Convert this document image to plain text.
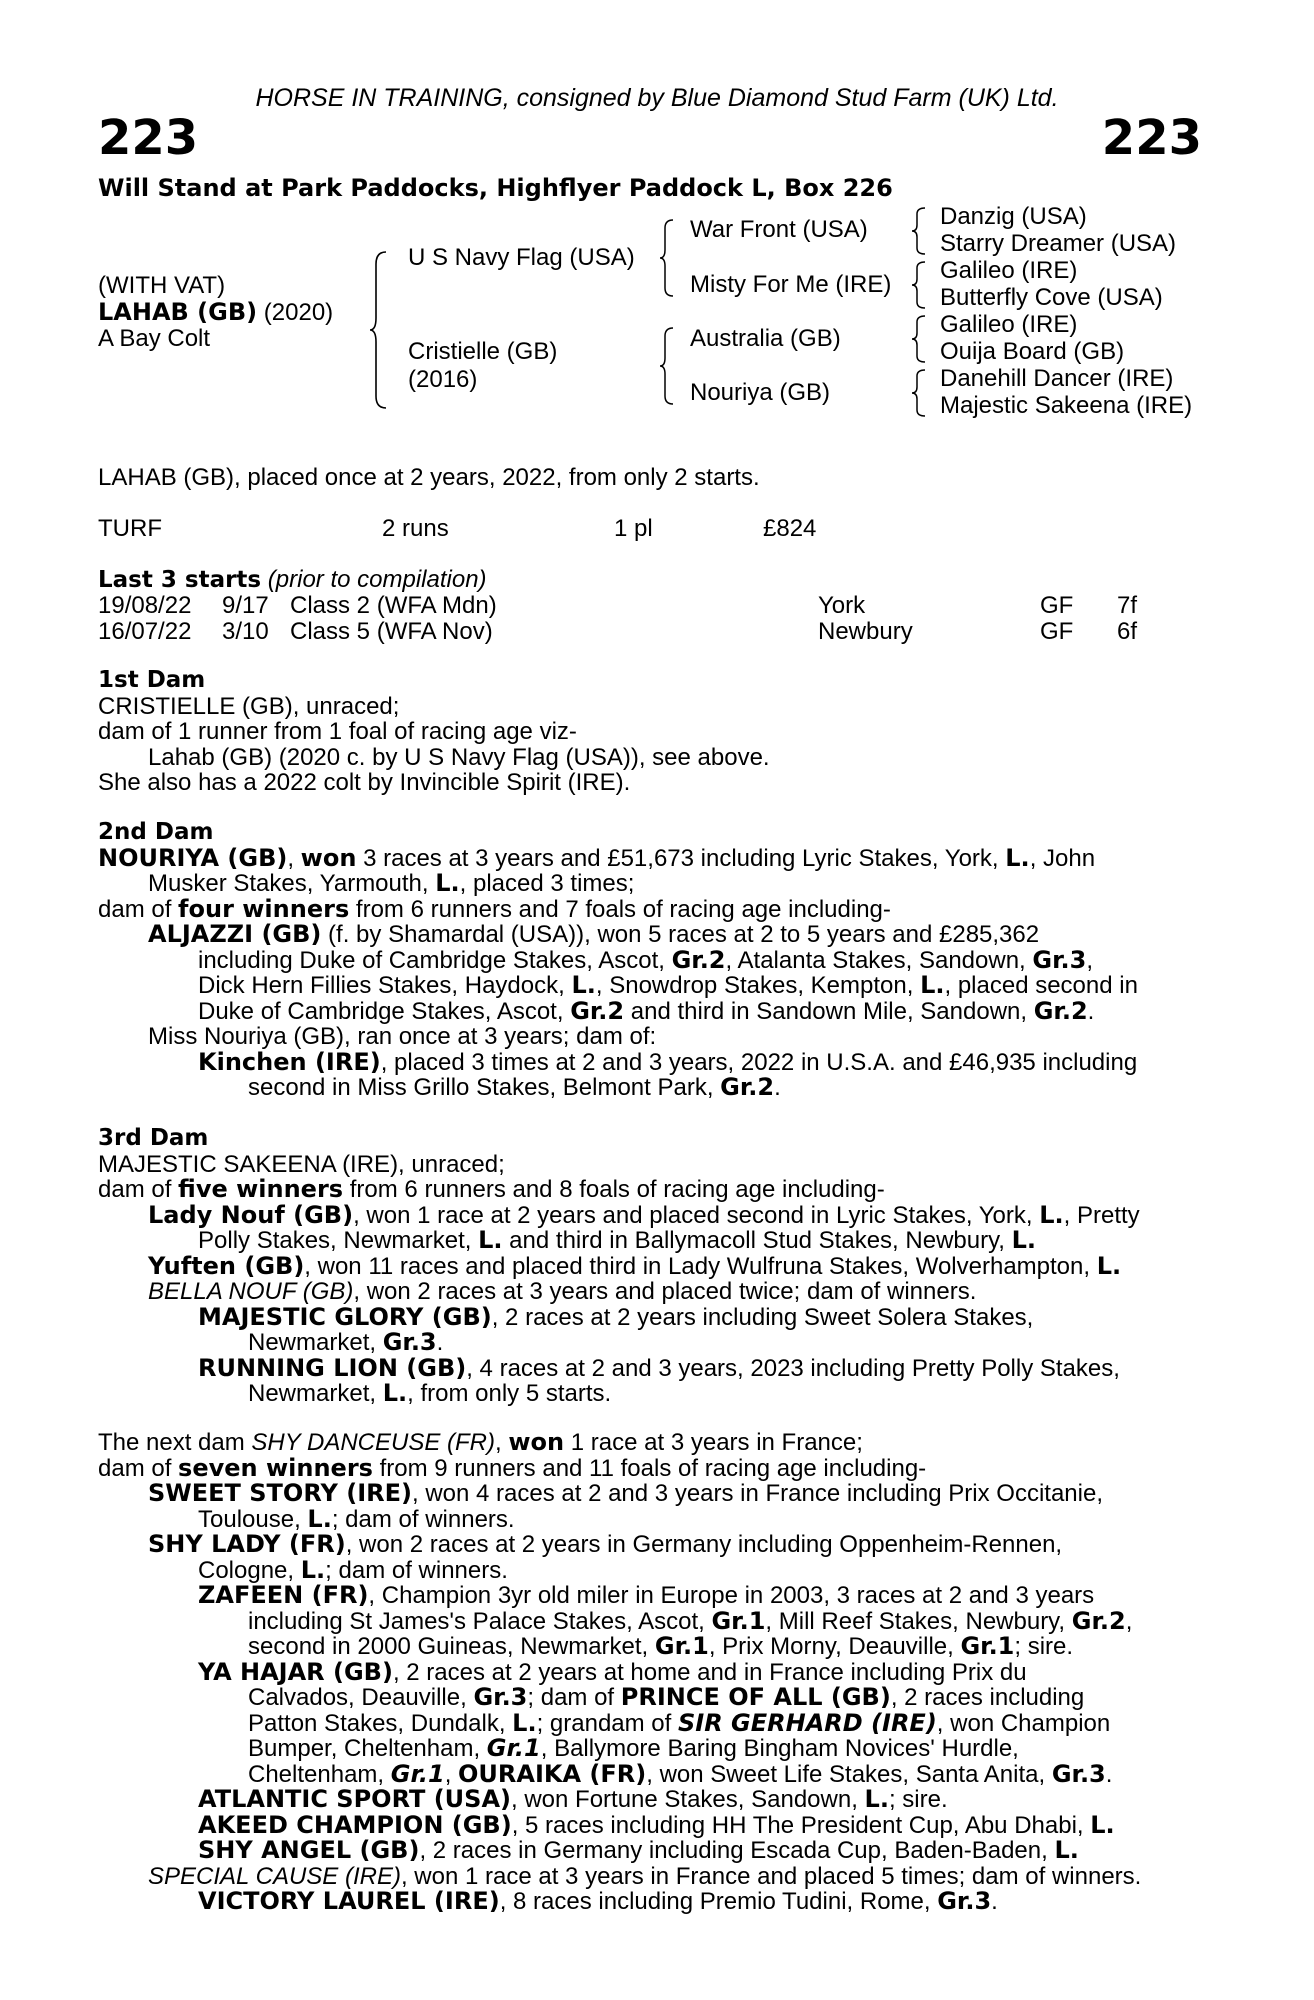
HORSE IN TRAINING, consigned by Blue Diamond Stud Farm (UK) Ltd.
223	223
Will Stand at Park Paddocks, Highflyer Paddock L, Box 226
(WITH VAT)
LAHAB (GB) (2020)
A Bay Colt
U S Navy Flag (USA)
Cristielle (GB)
(2016)
War Front (USA)
Misty For Me (IRE)
Australia (GB)
Nouriya (GB)
Danzig (USA)
Starry Dreamer (USA)
Galileo (IRE)
Butterfly Cove (USA)
Galileo (IRE)
Ouija Board (GB)
Danehill Dancer (IRE)
Majestic Sakeena (IRE)
LAHAB (GB), placed once at 2 years, 2022, from only 2 starts.
TURF	2 runs	1 pl	£824
Last 3 starts (prior to compilation)
19/08/22 9/17 Class 2 (WFA Mdn)	York	GF 7f
16/07/22 3/10 Class 5 (WFA Nov)	Newbury	GF 6f
1st Dam
CRISTIELLE (GB), unraced;
dam of 1 runner from 1 foal of racing age viz-
Lahab (GB) (2020 c. by U S Navy Flag (USA)), see above.
She also has a 2022 colt by Invincible Spirit (IRE).
2nd Dam
NOURIYA (GB), won 3 races at 3 years and £51,673 including Lyric Stakes, York, L., John
Musker Stakes, Yarmouth, L., placed 3 times;
dam of four winners from 6 runners and 7 foals of racing age including-
ALJAZZI (GB) (f. by Shamardal (USA)), won 5 races at 2 to 5 years and £285,362
including Duke of Cambridge Stakes, Ascot, Gr.2, Atalanta Stakes, Sandown, Gr.3,
Dick Hern Fillies Stakes, Haydock, L., Snowdrop Stakes, Kempton, L., placed second in
Duke of Cambridge Stakes, Ascot, Gr.2 and third in Sandown Mile, Sandown, Gr.2.
Miss Nouriya (GB), ran once at 3 years; dam of:
Kinchen (IRE), placed 3 times at 2 and 3 years, 2022 in U.S.A. and £46,935 including
second in Miss Grillo Stakes, Belmont Park, Gr.2.
3rd Dam
MAJESTIC SAKEENA (IRE), unraced;
dam of five winners from 6 runners and 8 foals of racing age including-
Lady Nouf (GB), won 1 race at 2 years and placed second in Lyric Stakes, York, L., Pretty
Polly Stakes, Newmarket, L. and third in Ballymacoll Stud Stakes, Newbury, L.
Yuften (GB), won 11 races and placed third in Lady Wulfruna Stakes, Wolverhampton, L.
BELLA NOUF (GB), won 2 races at 3 years and placed twice; dam of winners.
MAJESTIC GLORY (GB), 2 races at 2 years including Sweet Solera Stakes,
Newmarket, Gr.3.
RUNNING LION (GB), 4 races at 2 and 3 years, 2023 including Pretty Polly Stakes,
Newmarket, L., from only 5 starts.
The next dam SHY DANCEUSE (FR), won 1 race at 3 years in France;
dam of seven winners from 9 runners and 11 foals of racing age including-
SWEET STORY (IRE), won 4 races at 2 and 3 years in France including Prix Occitanie,
Toulouse, L.; dam of winners.
SHY LADY (FR), won 2 races at 2 years in Germany including Oppenheim-Rennen,
Cologne, L.; dam of winners.
ZAFEEN (FR), Champion 3yr old miler in Europe in 2003, 3 races at 2 and 3 years
including St James's Palace Stakes, Ascot, Gr.1, Mill Reef Stakes, Newbury, Gr.2,
second in 2000 Guineas, Newmarket, Gr.1, Prix Morny, Deauville, Gr.1; sire.
YA HAJAR (GB), 2 races at 2 years at home and in France including Prix du
Calvados, Deauville, Gr.3; dam of PRINCE OF ALL (GB), 2 races including
Patton Stakes, Dundalk, L.; grandam of SIR GERHARD (IRE), won Champion
Bumper, Cheltenham, Gr.1, Ballymore Baring Bingham Novices' Hurdle,
Cheltenham, Gr.1, OURAIKA (FR), won Sweet Life Stakes, Santa Anita, Gr.3.
ATLANTIC SPORT (USA), won Fortune Stakes, Sandown, L.; sire.
AKEED CHAMPION (GB), 5 races including HH The President Cup, Abu Dhabi, L.
SHY ANGEL (GB), 2 races in Germany including Escada Cup, Baden-Baden, L.
SPECIAL CAUSE (IRE), won 1 race at 3 years in France and placed 5 times; dam of winners.
VICTORY LAUREL (IRE), 8 races including Premio Tudini, Rome, Gr.3.
